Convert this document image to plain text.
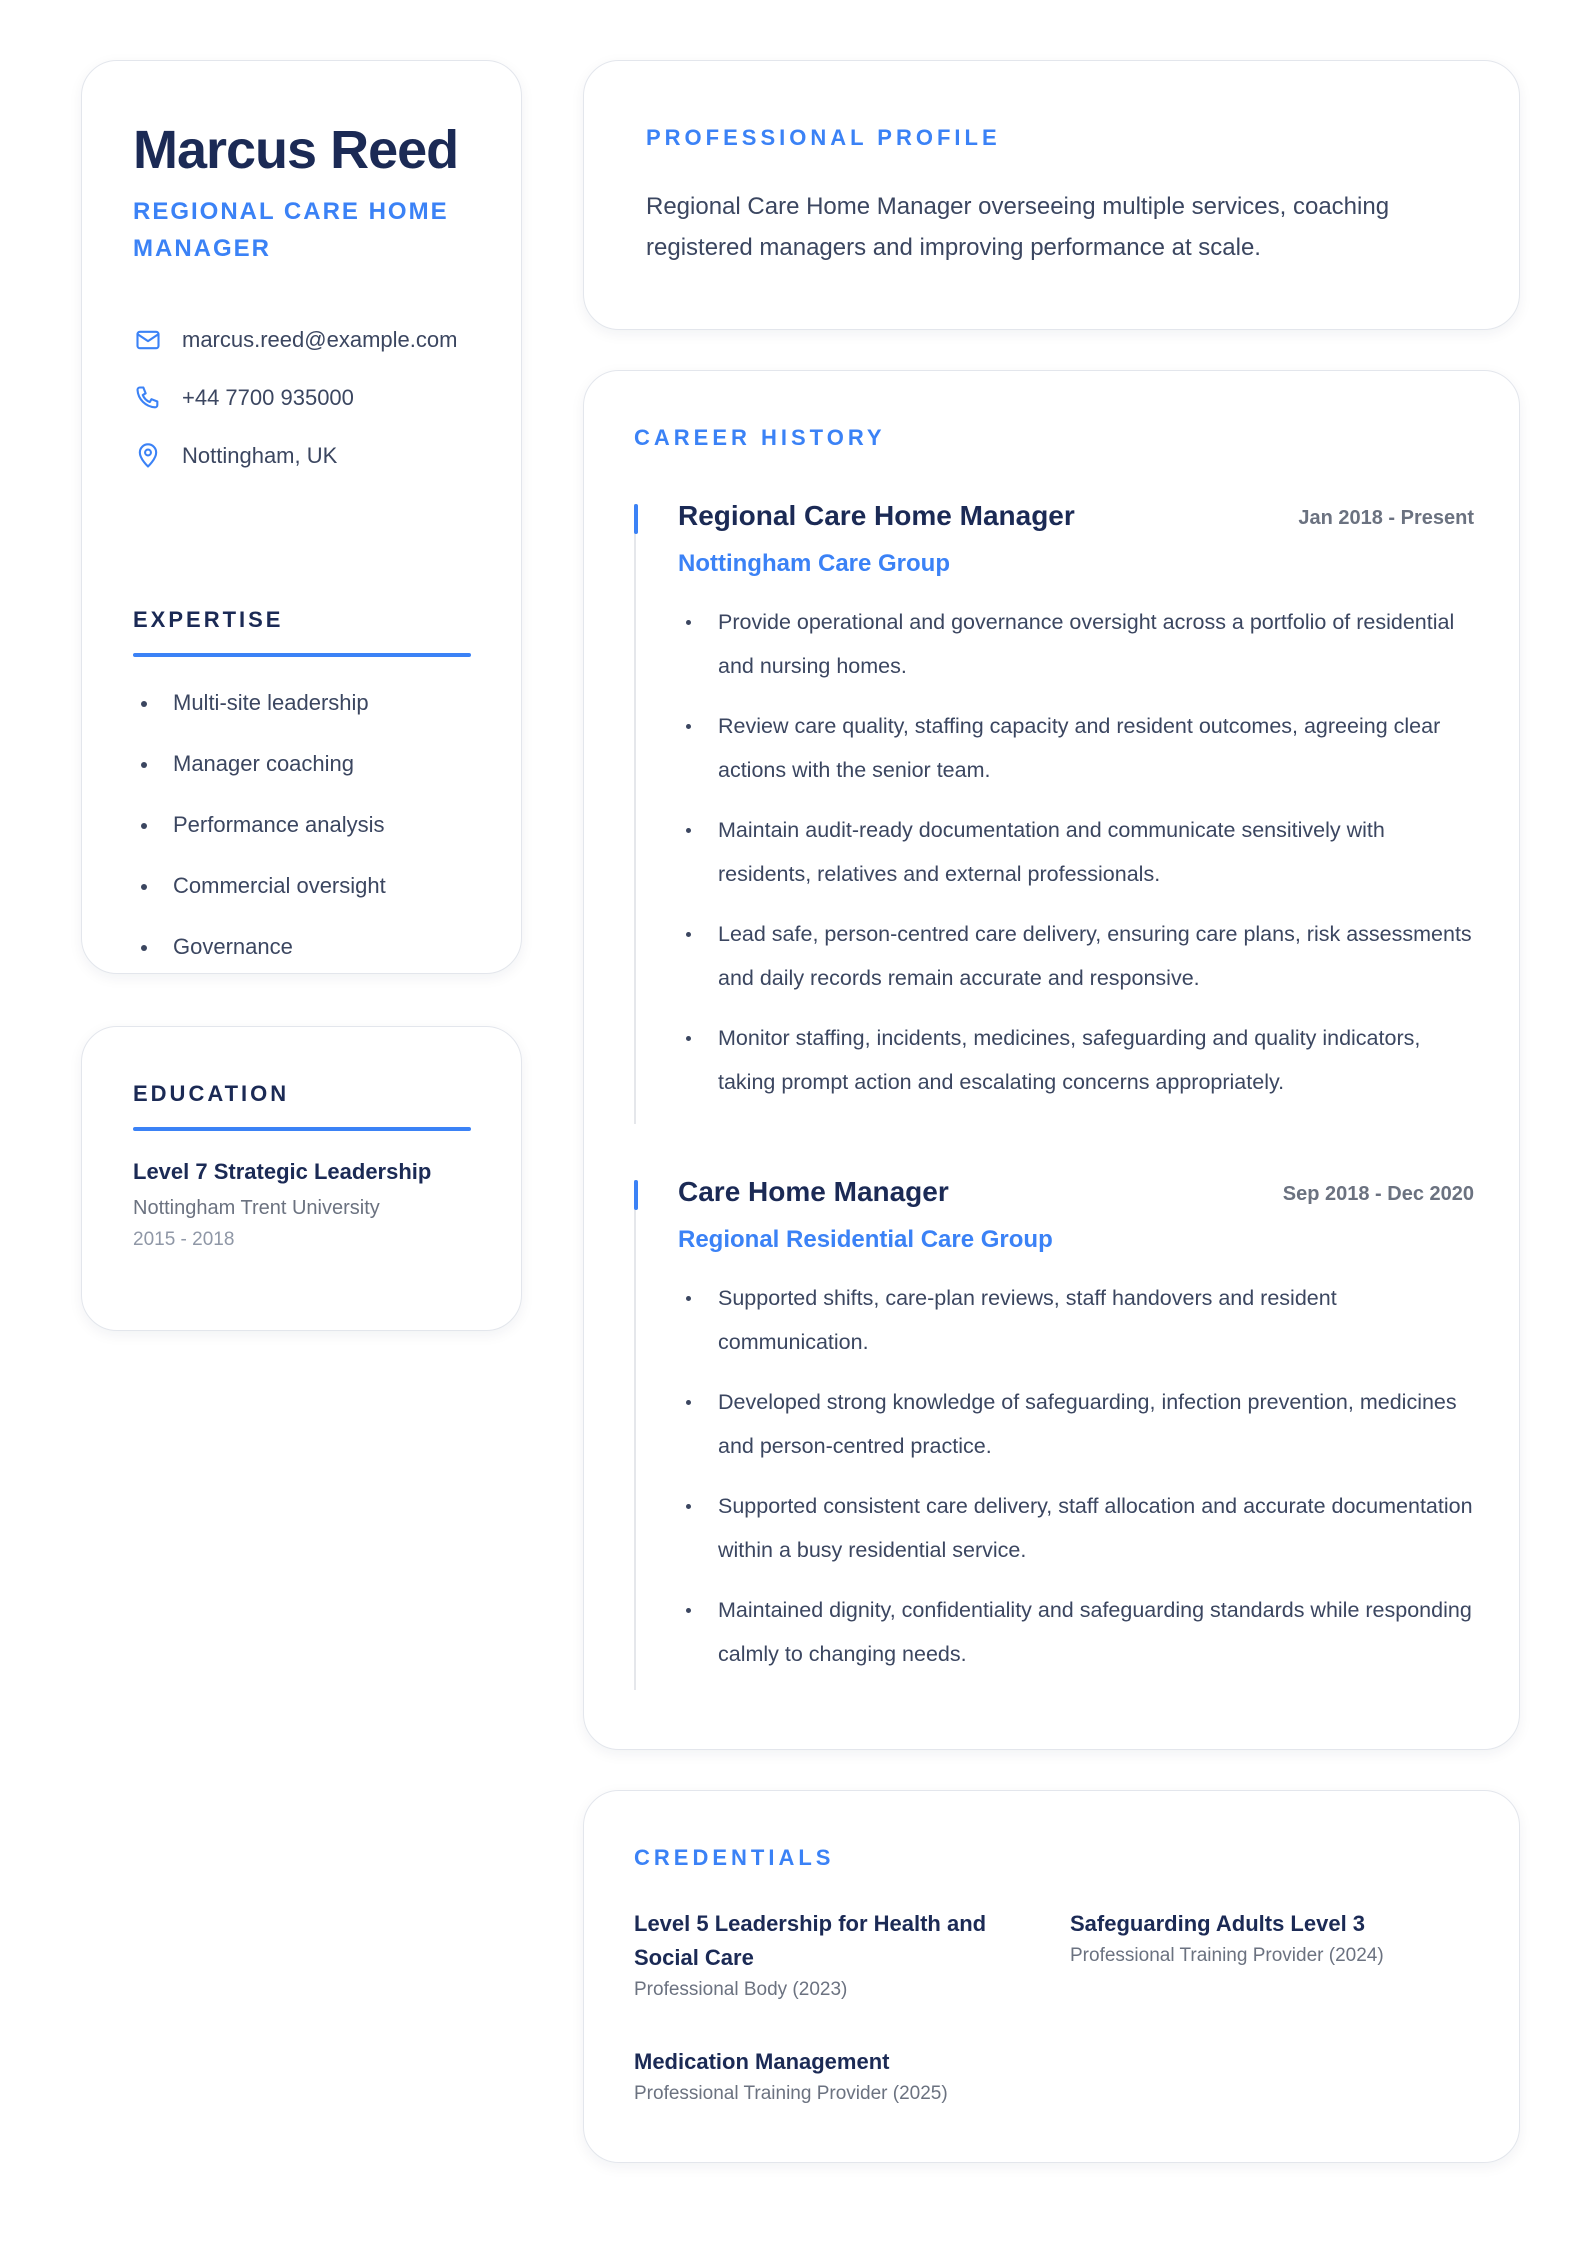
Marcus Reed
REGIONAL CARE HOME MANAGER
marcus.reed@example.com
+44 7700 935000
Nottingham, UK
EXPERTISE
Multi-site leadership
Manager coaching
Performance analysis
Commercial oversight
Governance
EDUCATION
Level 7 Strategic Leadership
Nottingham Trent University
2015 - 2018
PROFESSIONAL PROFILE

Regional Care Home Manager overseeing multiple services, coaching registered managers and improving performance at scale.

CAREER HISTORY
Regional Care Home Manager	Jan 2018 - Present
Nottingham Care Group
Provide operational and governance oversight across a portfolio of residential and nursing homes.
Review care quality, staffing capacity and resident outcomes, agreeing clear actions with the senior team.
Maintain audit-ready documentation and communicate sensitively with residents, relatives and external professionals.
Lead safe, person-centred care delivery, ensuring care plans, risk assessments and daily records remain accurate and responsive.
Monitor staffing, incidents, medicines, safeguarding and quality indicators, taking prompt action and escalating concerns appropriately.
Care Home Manager	Sep 2018 - Dec 2020
Regional Residential Care Group
Supported shifts, care-plan reviews, staff handovers and resident communication.
Developed strong knowledge of safeguarding, infection prevention, medicines and person-centred practice.
Supported consistent care delivery, staff allocation and accurate documentation within a busy residential service.
Maintained dignity, confidentiality and safeguarding standards while responding calmly to changing needs.
CREDENTIALS
Level 5 Leadership for Health and Social Care
Professional Body (2023)
Safeguarding Adults Level 3
Professional Training Provider (2024)
Medication Management
Professional Training Provider (2025)
